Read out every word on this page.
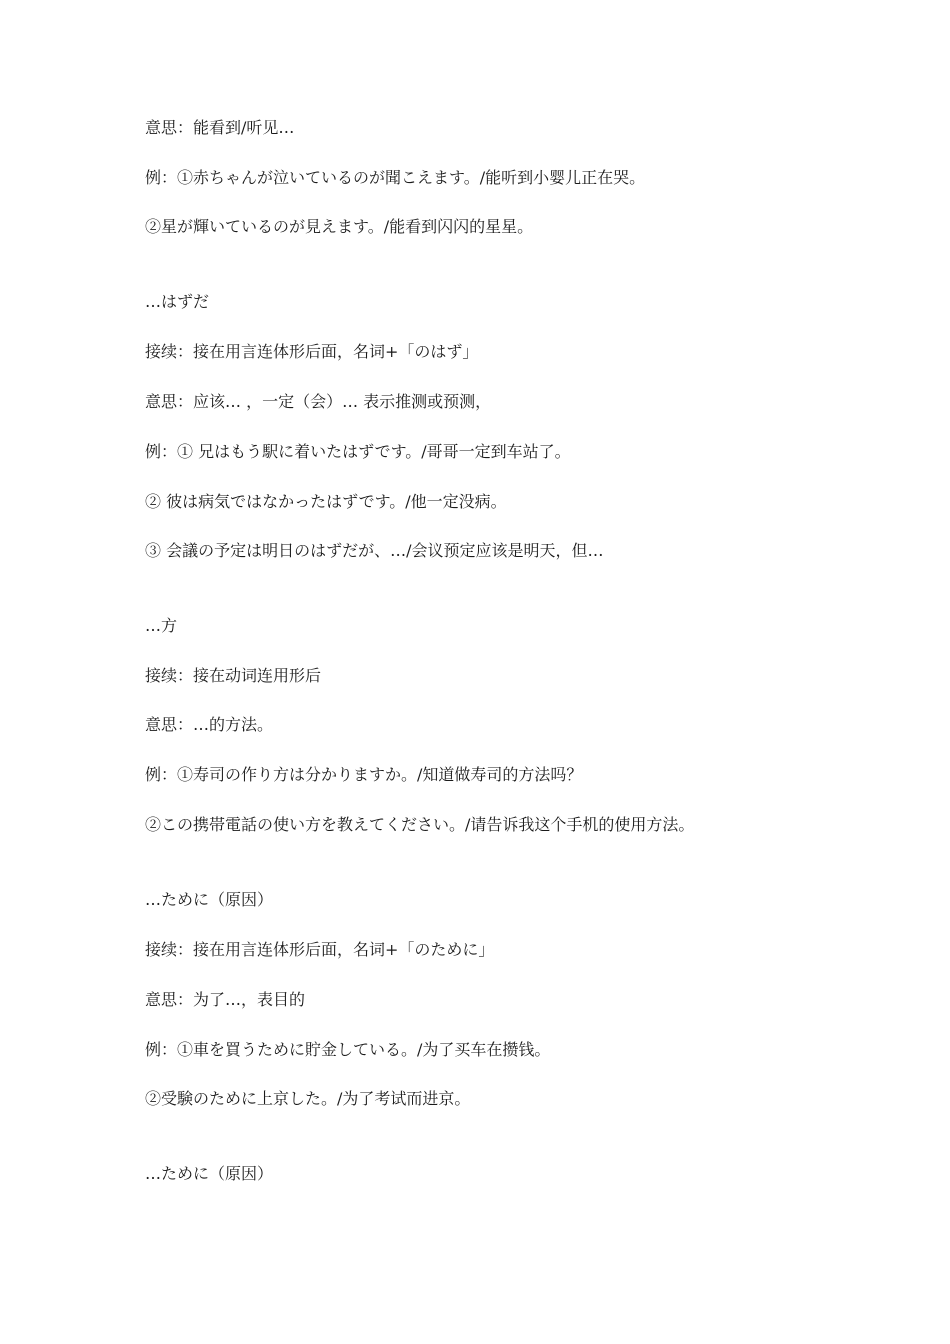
意思：能看到/听见…
例：①赤ちゃんが泣いているのが聞こえます。/能听到小婴儿正在哭。
②星が輝いているのが見えます。/能看到闪闪的星星。
…はずだ
接续：接在用言连体形后面，名词+「のはず」
意思：应该… ，一定（会）… 表示推测或预测，
例：① 兄はもう駅に着いたはずです。/哥哥一定到车站了。
② 彼は病気ではなかったはずです。/他一定没病。
③ 会議の予定は明日のはずだが、…/会议预定应该是明天，但…
…方
接续：接在动词连用形后
意思：…的方法。
例：①寿司の作り方は分かりますか。/知道做寿司的方法吗？
②この携帯電話の使い方を教えてください。/请告诉我这个手机的使用方法。
…ために（原因）
接续：接在用言连体形后面，名词+「のために」
意思：为了…，表目的
例：①車を買うために貯金している。/为了买车在攒钱。
②受験のために上京した。/为了考试而进京。
…ために（原因）
